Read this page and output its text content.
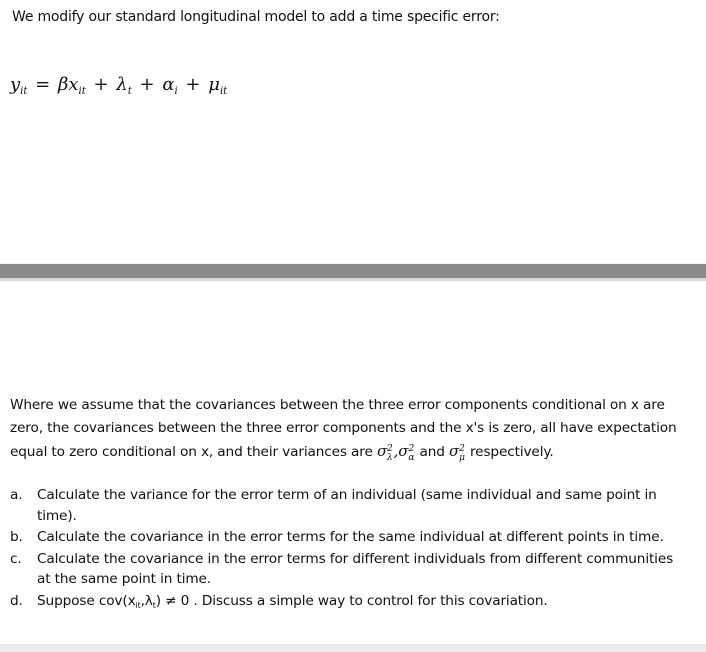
We modify our standard longitudinal model to add a time specific error:
$y_{it} = \beta x_{it} + \lambda_t + \alpha_i + \mu_{it}$
Where we assume that the covariances between the three error components conditional on x are zero, the covariances between the three error components and the x's is zero, all have expectation equal to zero conditional on x, and their variances are σ 2
λ ,σ 2
α and σ 2
μ respectively.
a. Calculate the variance for the error term of an individual (same individual and same point in time).
b. Calculate the covariance in the error terms for the same individual at different points in time.
c. Calculate the covariance in the error terms for different individuals from different communities at the same point in time.
d. Suppose $cov(x_{it},\lambda_t) \ne 0$ . Discuss a simple way to control for this covariation.
